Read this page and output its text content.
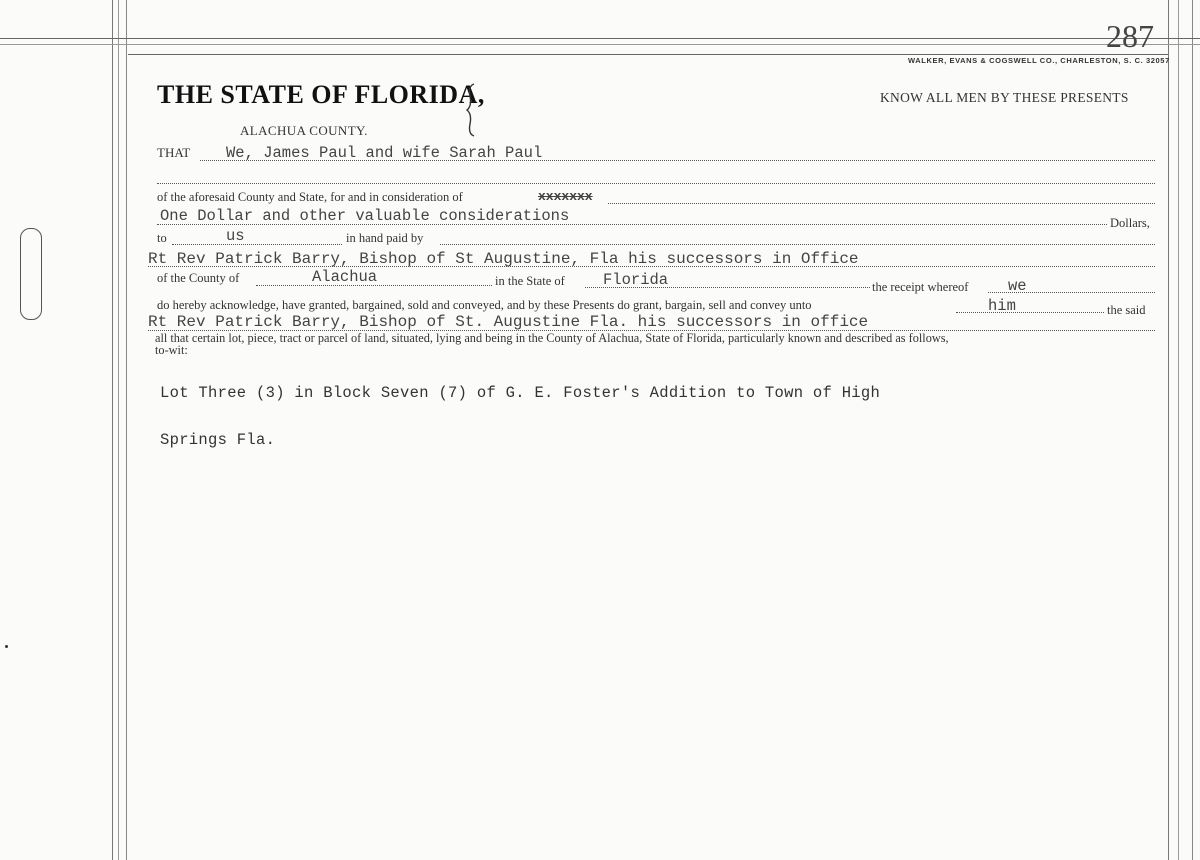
287
WALKER, EVANS & COGSWELL CO., CHARLESTON, S. C. 32057
THE STATE OF FLORIDA,
ALACHUA COUNTY.
KNOW ALL MEN BY THESE PRESENTS
THAT We, James Paul and wife Sarah Paul
of the aforesaid County and State, for and in consideration of	xxxxxxx
One Dollar and other valuable considerations	Dollars,
to	us	in hand paid by
Rt Rev Patrick Barry, Bishop of St Augustine, Fla his successors in Office
of the County of	Alachua	in the State of Florida	the receipt whereof	we
do hereby acknowledge, have granted, bargained, sold and conveyed, and by these Presents do grant, bargain, sell and convey unto	him	the said
Rt Rev Patrick Barry, Bishop of St. Augustine Fla. his successors in office
all that certain lot, piece, tract or parcel of land, situated, lying and being in the County of Alachua, State of Florida, particularly known and described as follows,
to-wit:
Lot Three (3) in Block Seven (7) of G. E. Foster's Addition to Town of High
Springs Fla.
